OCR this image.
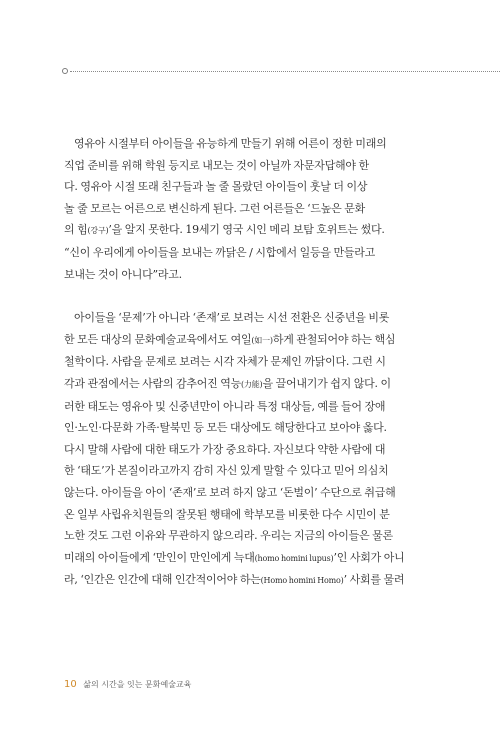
영유아 시절부터 아이들을 유능하게 만들기 위해 어른이 정한 미래의
직업 준비를 위해 학원 등지로 내모는 것이 아닐까 자문자답해야 한
다. 영유아 시절 또래 친구들과 놀 줄 몰랐던 아이들이 훗날 더 이상
놀 줄 모르는 어른으로 변신하게 된다. 그런 어른들은 ‘드높은 문화
의 힘(강구)’을 알지 못한다. 19세기 영국 시인 메리 보탐 호위트는 썼다.
“신이 우리에게 아이들을 보내는 까닭은 / 시합에서 일등을 만들라고
보내는 것이 아니다”라고.

아이들을 ‘문제’가 아니라 ‘존재’로 보려는 시선 전환은 신중년을 비롯
한 모든 대상의 문화예술교육에서도 여일(如一)하게 관철되어야 하는 핵심
철학이다. 사람을 문제로 보려는 시각 자체가 문제인 까닭이다. 그런 시
각과 관점에서는 사람의 감추어진 역능(力能)을 끌어내기가 쉽지 않다. 이
러한 태도는 영유아 및 신중년만이 아니라 특정 대상들, 예를 들어 장애
인·노인·다문화 가족·탈북민 등 모든 대상에도 해당한다고 보아야 옳다.
다시 말해 사람에 대한 태도가 가장 중요하다. 자신보다 약한 사람에 대
한 ‘태도’가 본질이라고까지 감히 자신 있게 말할 수 있다고 믿어 의심치
않는다. 아이들을 아이 ‘존재’로 보려 하지 않고 ‘돈벌이’ 수단으로 취급해
온 일부 사립유치원들의 잘못된 행태에 학부모를 비롯한 다수 시민이 분
노한 것도 그런 이유와 무관하지 않으리라. 우리는 지금의 아이들은 물론
미래의 아이들에게 ‘만인이 만인에게 늑대(homo homini lupus)’인 사회가 아니
라, ‘인간은 인간에 대해 인간적이어야 하는(Homo homini Homo)’ 사회를 물려

10 삶의 시간을 잇는 문화예술교육
